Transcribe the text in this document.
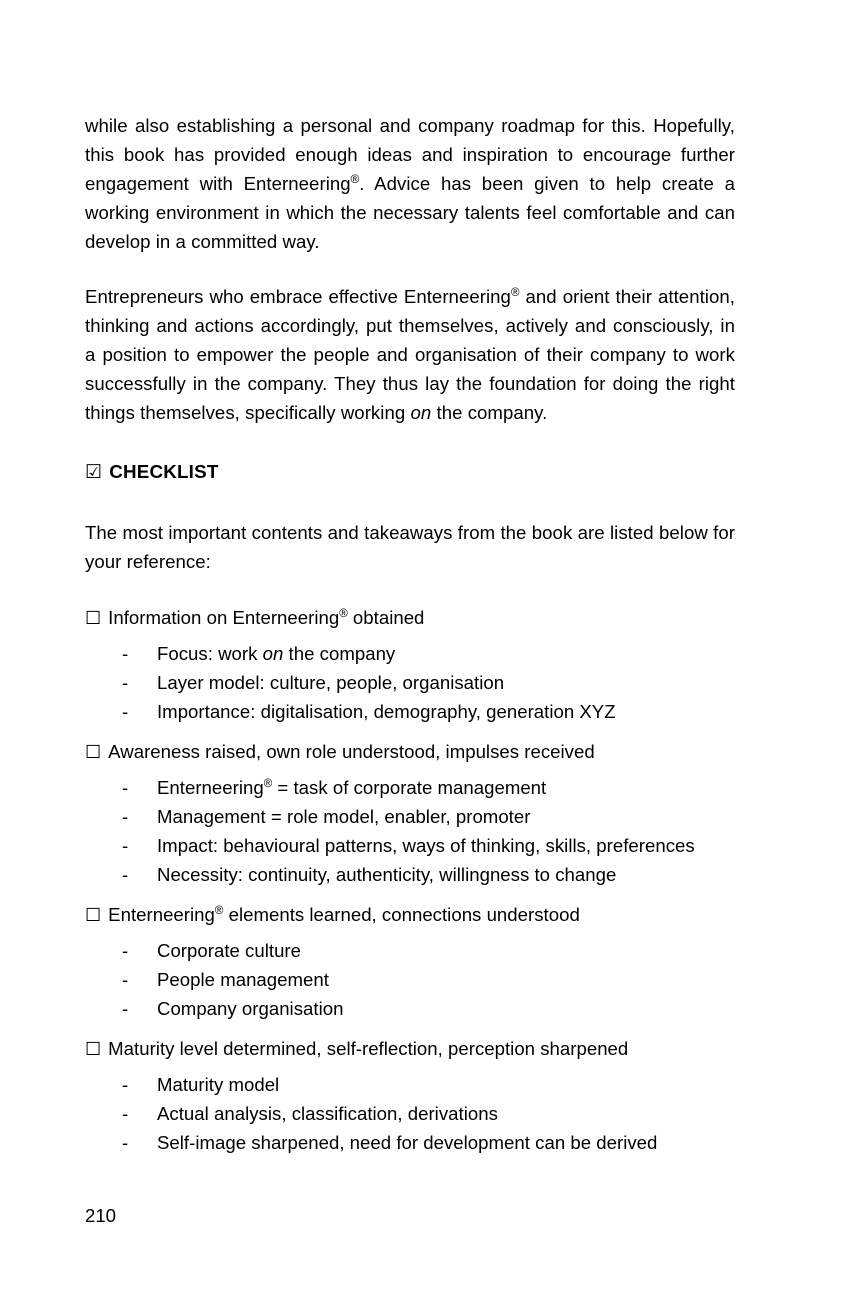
while also establishing a personal and company roadmap for this. Hopefully, this book has provided enough ideas and inspiration to encourage further engagement with Enterneering®. Advice has been given to help create a working environment in which the necessary talents feel comfortable and can develop in a committed way.

Entrepreneurs who embrace effective Enterneering® and orient their attention, thinking and actions accordingly, put themselves, actively and consciously, in a position to empower the people and organisation of their company to work successfully in the company. They thus lay the foundation for doing the right things themselves, specifically working on the company.

☑ CHECKLIST

The most important contents and takeaways from the book are listed below for your reference:

☐ Information on Enterneering® obtained
- Focus: work on the company
- Layer model: culture, people, organisation
- Importance: digitalisation, demography, generation XYZ
☐ Awareness raised, own role understood, impulses received
- Enterneering® = task of corporate management
- Management = role model, enabler, promoter
- Impact: behavioural patterns, ways of thinking, skills, preferences
- Necessity: continuity, authenticity, willingness to change
☐ Enterneering® elements learned, connections understood
- Corporate culture
- People management
- Company organisation
☐ Maturity level determined, self-reflection, perception sharpened
- Maturity model
- Actual analysis, classification, derivations
- Self-image sharpened, need for development can be derived
210
